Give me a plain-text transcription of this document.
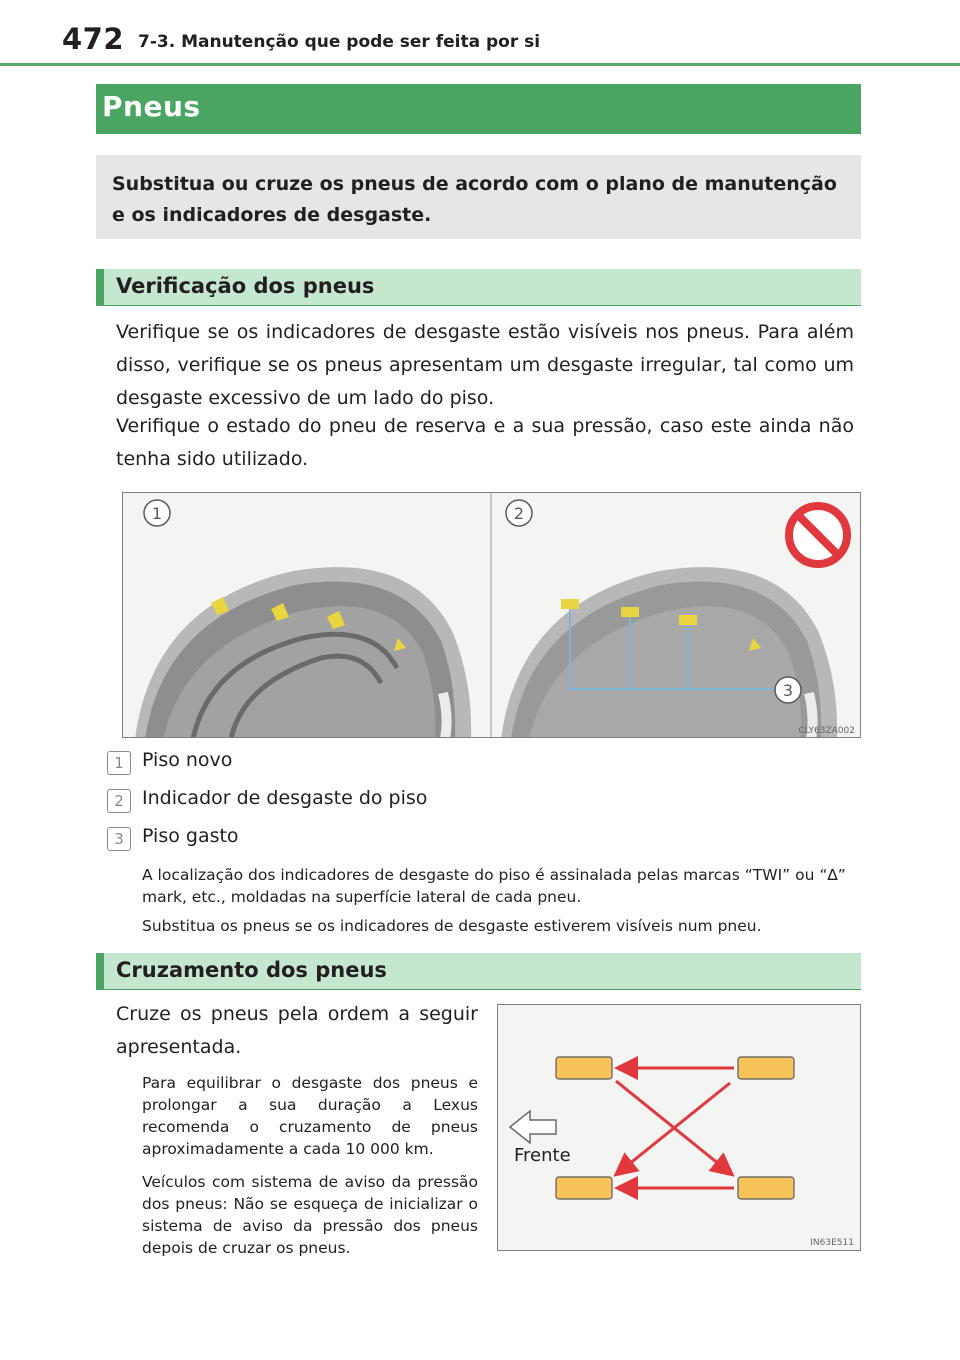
472 7-3. Manutenção que pode ser feita por si
Pneus
Substitua ou cruze os pneus de acordo com o plano de manutenção e os indicadores de desgaste.
Verificação dos pneus
Verifique se os indicadores de desgaste estão visíveis nos pneus. Para além disso, verifique se os pneus apresentam um desgaste irregular, tal como um desgaste excessivo de um lado do piso.
Verifique o estado do pneu de reserva e a sua pressão, caso este ainda não tenha sido utilizado.
1	2
3
CLY63ZA002
1 Piso novo
2 Indicador de desgaste do piso
3 Piso gasto
A localização dos indicadores de desgaste do piso é assinalada pelas marcas “TWI” ou “∆” mark, etc., moldadas na superfície lateral de cada pneu.
Substitua os pneus se os indicadores de desgaste estiverem visíveis num pneu.
Cruzamento dos pneus
Cruze os pneus pela ordem a seguir apresentada.
Para equilibrar o desgaste dos pneus e prolongar a sua duração a Lexus recomenda o cruzamento de pneus aproximadamente a cada 10 000 km.
Veículos com sistema de aviso da pressão dos pneus: Não se esqueça de inicializar o sistema de aviso da pressão dos pneus depois de cruzar os pneus.
Frente
IN63E511
